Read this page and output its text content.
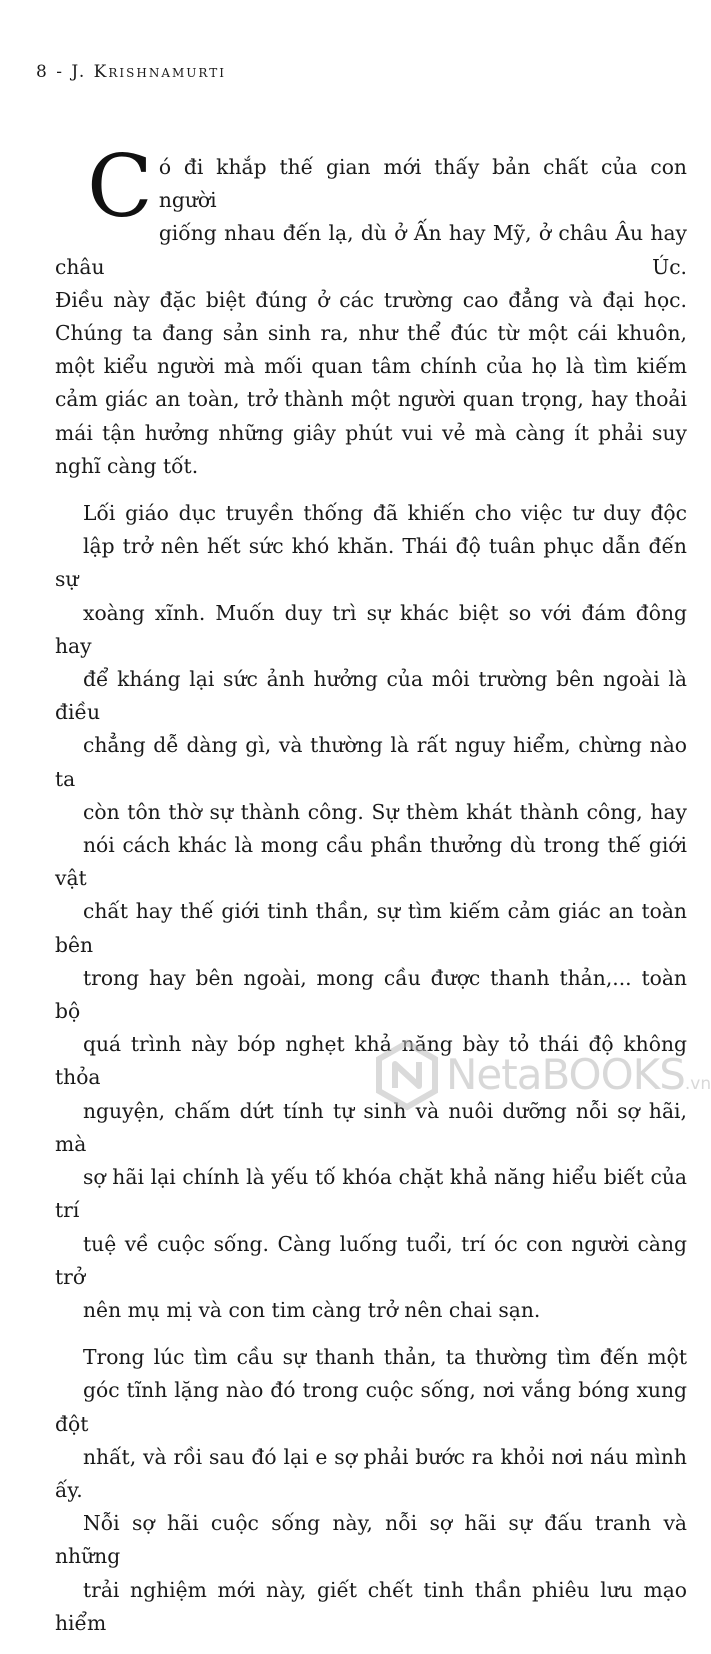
8 - J. Krishnamurti

C ó đi khắp thế gian mới thấy bản chất của con người
giống nhau đến lạ, dù ở Ấn hay Mỹ, ở châu Âu hay châu Úc.
Điều này đặc biệt đúng ở các trường cao đẳng và đại học.
Chúng ta đang sản sinh ra, như thể đúc từ một cái khuôn,
một kiểu người mà mối quan tâm chính của họ là tìm kiếm
cảm giác an toàn, trở thành một người quan trọng, hay thoải
mái tận hưởng những giây phút vui vẻ mà càng ít phải suy
nghĩ càng tốt.

Lối giáo dục truyền thống đã khiến cho việc tư duy độc
lập trở nên hết sức khó khăn. Thái độ tuân phục dẫn đến sự
xoàng xĩnh. Muốn duy trì sự khác biệt so với đám đông hay
để kháng lại sức ảnh hưởng của môi trường bên ngoài là điều
chẳng dễ dàng gì, và thường là rất nguy hiểm, chừng nào ta
còn tôn thờ sự thành công. Sự thèm khát thành công, hay
nói cách khác là mong cầu phần thưởng dù trong thế giới vật
chất hay thế giới tinh thần, sự tìm kiếm cảm giác an toàn bên
trong hay bên ngoài, mong cầu được thanh thản,... toàn bộ
quá trình này bóp nghẹt khả năng bày tỏ thái độ không thỏa
nguyện, chấm dứt tính tự sinh và nuôi dưỡng nỗi sợ hãi, mà
sợ hãi lại chính là yếu tố khóa chặt khả năng hiểu biết của trí
tuệ về cuộc sống. Càng luống tuổi, trí óc con người càng trở
nên mụ mị và con tim càng trở nên chai sạn.

Trong lúc tìm cầu sự thanh thản, ta thường tìm đến một
góc tĩnh lặng nào đó trong cuộc sống, nơi vắng bóng xung đột
nhất, và rồi sau đó lại e sợ phải bước ra khỏi nơi náu mình ấy.
Nỗi sợ hãi cuộc sống này, nỗi sợ hãi sự đấu tranh và những
trải nghiệm mới này, giết chết tinh thần phiêu lưu mạo hiểm

NetaBOOKS.vn
